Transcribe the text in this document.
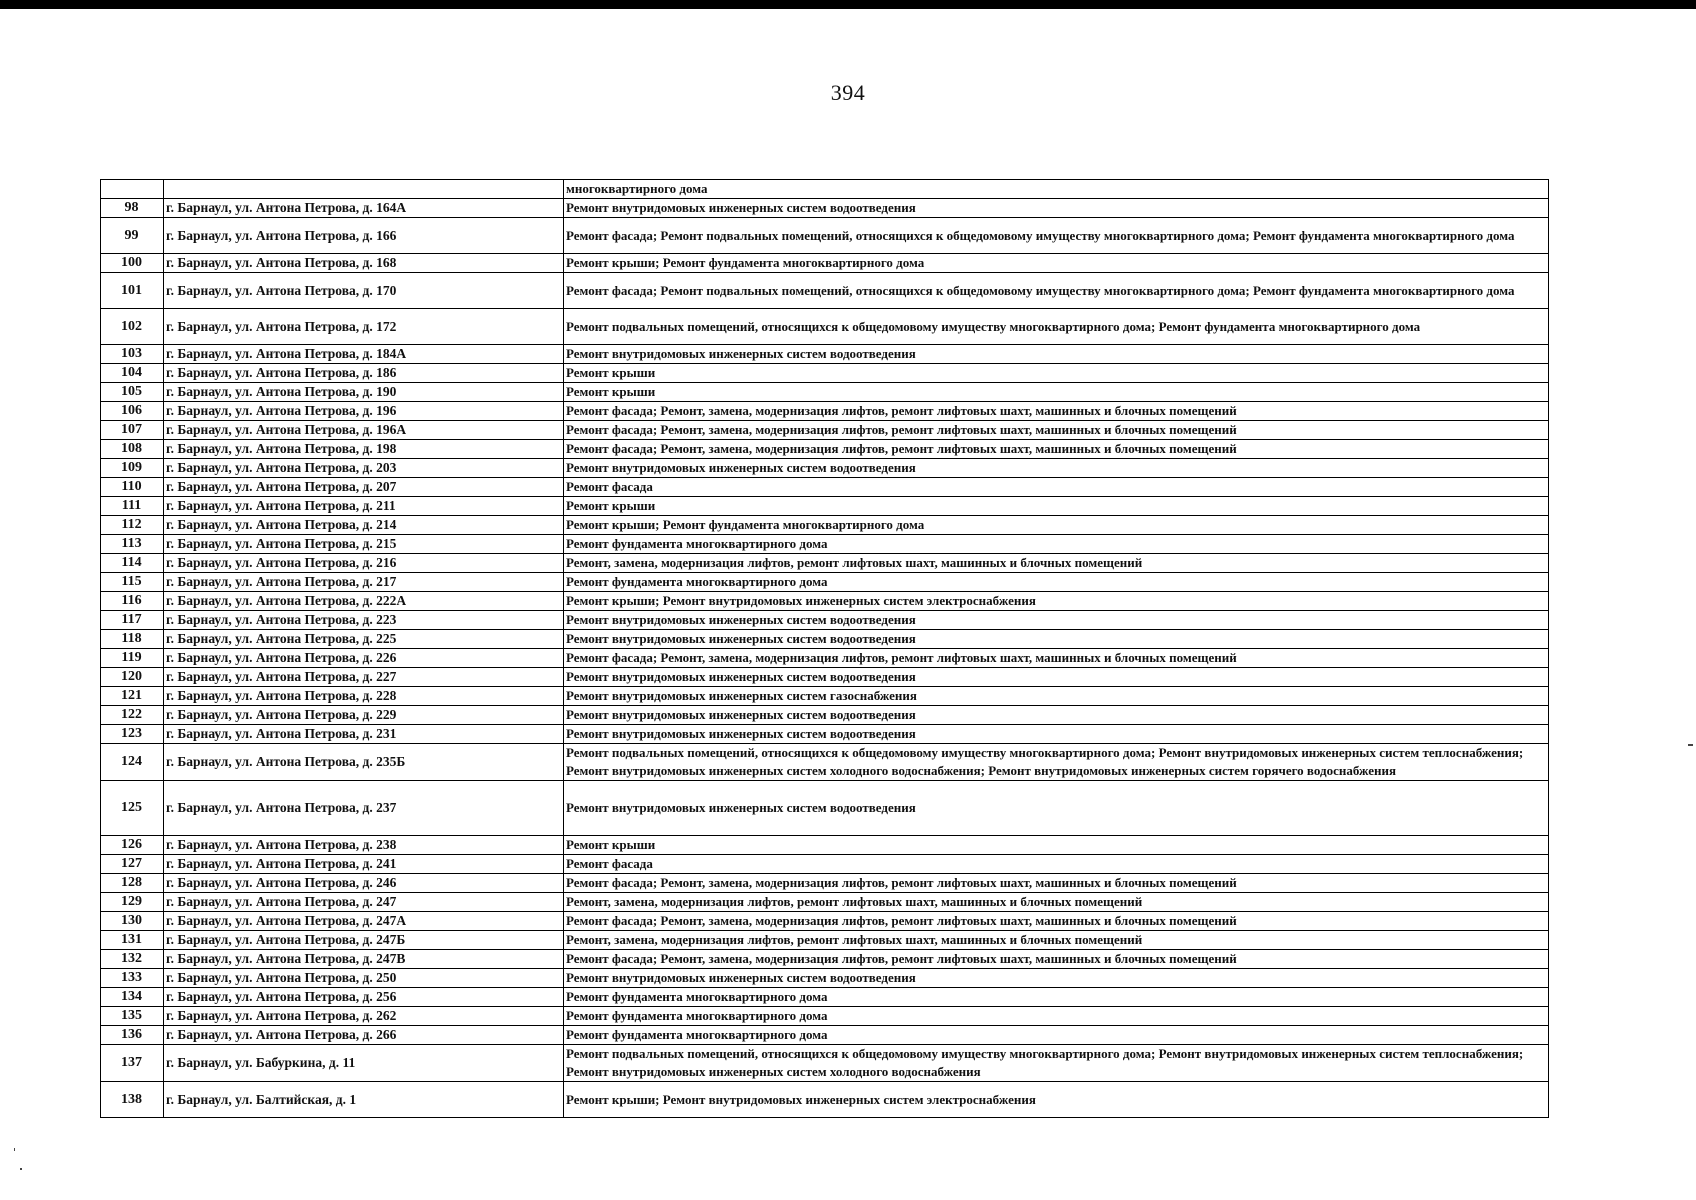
394
		многоквартирного дома
98	г. Барнаул, ул. Антона Петрова, д. 164А	Ремонт внутридомовых инженерных систем водоотведения
99	г. Барнаул, ул. Антона Петрова, д. 166	Ремонт фасада; Ремонт подвальных помещений, относящихся к общедомовому имуществу многоквартирного дома; Ремонт фундамента многоквартирного дома
100	г. Барнаул, ул. Антона Петрова, д. 168	Ремонт крыши; Ремонт фундамента многоквартирного дома
101	г. Барнаул, ул. Антона Петрова, д. 170	Ремонт фасада; Ремонт подвальных помещений, относящихся к общедомовому имуществу многоквартирного дома; Ремонт фундамента многоквартирного дома
102	г. Барнаул, ул. Антона Петрова, д. 172	Ремонт подвальных помещений, относящихся к общедомовому имуществу многоквартирного дома; Ремонт фундамента многоквартирного дома
103	г. Барнаул, ул. Антона Петрова, д. 184А	Ремонт внутридомовых инженерных систем водоотведения
104	г. Барнаул, ул. Антона Петрова, д. 186	Ремонт крыши
105	г. Барнаул, ул. Антона Петрова, д. 190	Ремонт крыши
106	г. Барнаул, ул. Антона Петрова, д. 196	Ремонт фасада; Ремонт, замена, модернизация лифтов, ремонт лифтовых шахт, машинных и блочных помещений
107	г. Барнаул, ул. Антона Петрова, д. 196А	Ремонт фасада; Ремонт, замена, модернизация лифтов, ремонт лифтовых шахт, машинных и блочных помещений
108	г. Барнаул, ул. Антона Петрова, д. 198	Ремонт фасада; Ремонт, замена, модернизация лифтов, ремонт лифтовых шахт, машинных и блочных помещений
109	г. Барнаул, ул. Антона Петрова, д. 203	Ремонт внутридомовых инженерных систем водоотведения
110	г. Барнаул, ул. Антона Петрова, д. 207	Ремонт фасада
111	г. Барнаул, ул. Антона Петрова, д. 211	Ремонт крыши
112	г. Барнаул, ул. Антона Петрова, д. 214	Ремонт крыши; Ремонт фундамента многоквартирного дома
113	г. Барнаул, ул. Антона Петрова, д. 215	Ремонт фундамента многоквартирного дома
114	г. Барнаул, ул. Антона Петрова, д. 216	Ремонт, замена, модернизация лифтов, ремонт лифтовых шахт, машинных и блочных помещений
115	г. Барнаул, ул. Антона Петрова, д. 217	Ремонт фундамента многоквартирного дома
116	г. Барнаул, ул. Антона Петрова, д. 222А	Ремонт крыши; Ремонт внутридомовых инженерных систем электроснабжения
117	г. Барнаул, ул. Антона Петрова, д. 223	Ремонт внутридомовых инженерных систем водоотведения
118	г. Барнаул, ул. Антона Петрова, д. 225	Ремонт внутридомовых инженерных систем водоотведения
119	г. Барнаул, ул. Антона Петрова, д. 226	Ремонт фасада; Ремонт, замена, модернизация лифтов, ремонт лифтовых шахт, машинных и блочных помещений
120	г. Барнаул, ул. Антона Петрова, д. 227	Ремонт внутридомовых инженерных систем водоотведения
121	г. Барнаул, ул. Антона Петрова, д. 228	Ремонт внутридомовых инженерных систем газоснабжения
122	г. Барнаул, ул. Антона Петрова, д. 229	Ремонт внутридомовых инженерных систем водоотведения
123	г. Барнаул, ул. Антона Петрова, д. 231	Ремонт внутридомовых инженерных систем водоотведения
124	г. Барнаул, ул. Антона Петрова, д. 235Б	Ремонт подвальных помещений, относящихся к общедомовому имуществу многоквартирного дома; Ремонт внутридомовых инженерных систем теплоснабжения; Ремонт внутридомовых инженерных систем холодного водоснабжения; Ремонт внутридомовых инженерных систем горячего водоснабжения
125	г. Барнаул, ул. Антона Петрова, д. 237	Ремонт внутридомовых инженерных систем водоотведения
126	г. Барнаул, ул. Антона Петрова, д. 238	Ремонт крыши
127	г. Барнаул, ул. Антона Петрова, д. 241	Ремонт фасада
128	г. Барнаул, ул. Антона Петрова, д. 246	Ремонт фасада; Ремонт, замена, модернизация лифтов, ремонт лифтовых шахт, машинных и блочных помещений
129	г. Барнаул, ул. Антона Петрова, д. 247	Ремонт, замена, модернизация лифтов, ремонт лифтовых шахт, машинных и блочных помещений
130	г. Барнаул, ул. Антона Петрова, д. 247А	Ремонт фасада; Ремонт, замена, модернизация лифтов, ремонт лифтовых шахт, машинных и блочных помещений
131	г. Барнаул, ул. Антона Петрова, д. 247Б	Ремонт, замена, модернизация лифтов, ремонт лифтовых шахт, машинных и блочных помещений
132	г. Барнаул, ул. Антона Петрова, д. 247В	Ремонт фасада; Ремонт, замена, модернизация лифтов, ремонт лифтовых шахт, машинных и блочных помещений
133	г. Барнаул, ул. Антона Петрова, д. 250	Ремонт внутридомовых инженерных систем водоотведения
134	г. Барнаул, ул. Антона Петрова, д. 256	Ремонт фундамента многоквартирного дома
135	г. Барнаул, ул. Антона Петрова, д. 262	Ремонт фундамента многоквартирного дома
136	г. Барнаул, ул. Антона Петрова, д. 266	Ремонт фундамента многоквартирного дома
137	г. Барнаул, ул. Бабуркина, д. 11	Ремонт подвальных помещений, относящихся к общедомовому имуществу многоквартирного дома; Ремонт внутридомовых инженерных систем теплоснабжения; Ремонт внутридомовых инженерных систем холодного водоснабжения
138	г. Барнаул, ул. Балтийская, д. 1	Ремонт крыши; Ремонт внутридомовых инженерных систем электроснабжения
